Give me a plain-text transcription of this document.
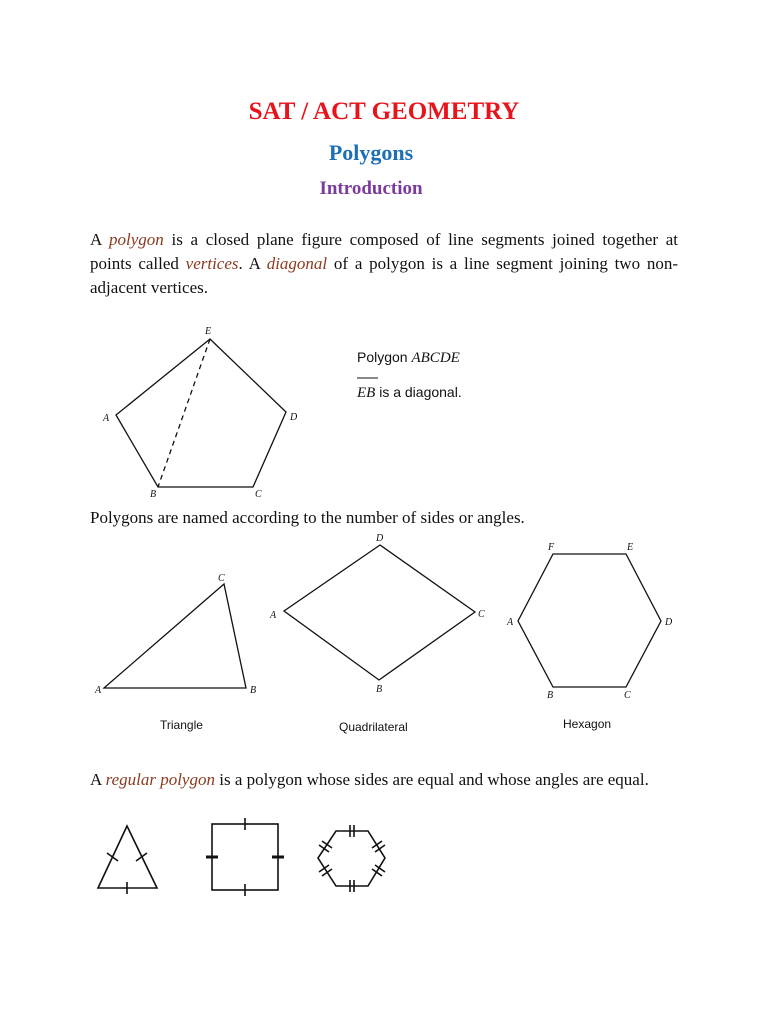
SAT / ACT GEOMETRY
Polygons
Introduction
A polygon is a closed plane figure composed of line segments joined together at points called vertices. A diagonal of a polygon is a line segment joining two non-adjacent vertices.
E
A	D
B	C
Polygon ABCDE
EB is a diagonal.
C
A	B
Triangle
D
A	C
B
Quadrilateral
F	E
A	D
B	C
Hexagon
Polygons are named according to the number of sides or angles.
A regular polygon is a polygon whose sides are equal and whose angles are equal.
